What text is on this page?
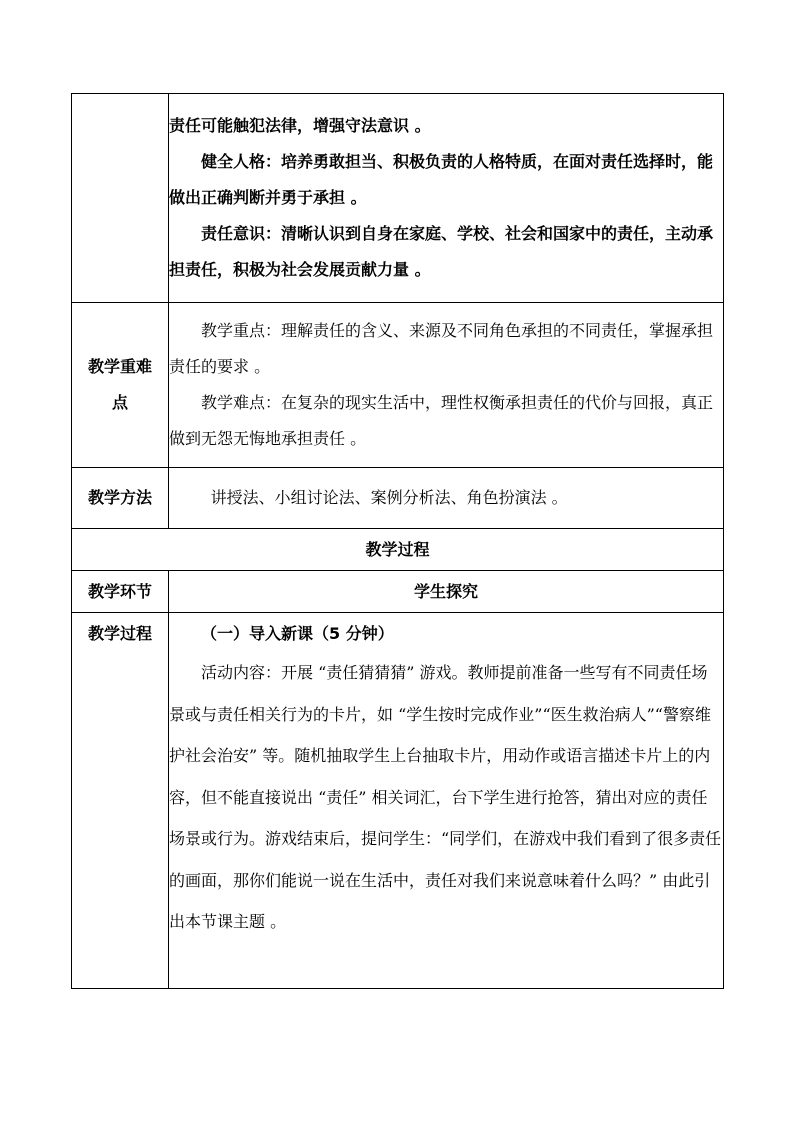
	责任可能触犯法律，增强守法意识 。

健全人格：培养勇敢担当、积极负责的人格特质，在面对责任选择时，能做出正确判断并勇于承担 。

责任意识：清晰认识到自身在家庭、学校、社会和国家中的责任，主动承担责任，积极为社会发展贡献力量 。

教学重难点	教学重点：理解责任的含义、来源及不同角色承担的不同责任，掌握承担责任的要求 。

教学难点：在复杂的现实生活中，理性权衡承担责任的代价与回报，真正做到无怨无悔地承担责任 。

教学方法	讲授法、小组讨论法、案例分析法、角色扮演法 。

教学过程	
教学环节	学生探究
教学过程	（一）导入新课（5 分钟）

活动内容：开展 “责任猜猜猜” 游戏。教师提前准备一些写有不同责任场景或与责任相关行为的卡片，如 “学生按时完成作业”“医生救治病人”“警察维护社会治安” 等。随机抽取学生上台抽取卡片，用动作或语言描述卡片上的内容，但不能直接说出 “责任” 相关词汇，台下学生进行抢答，猜出对应的责任场景或行为。游戏结束后，提问学生：“同学们，在游戏中我们看到了很多责任的画面，那你们能说一说在生活中，责任对我们来说意味着什么吗？” 由此引出本节课主题 。
